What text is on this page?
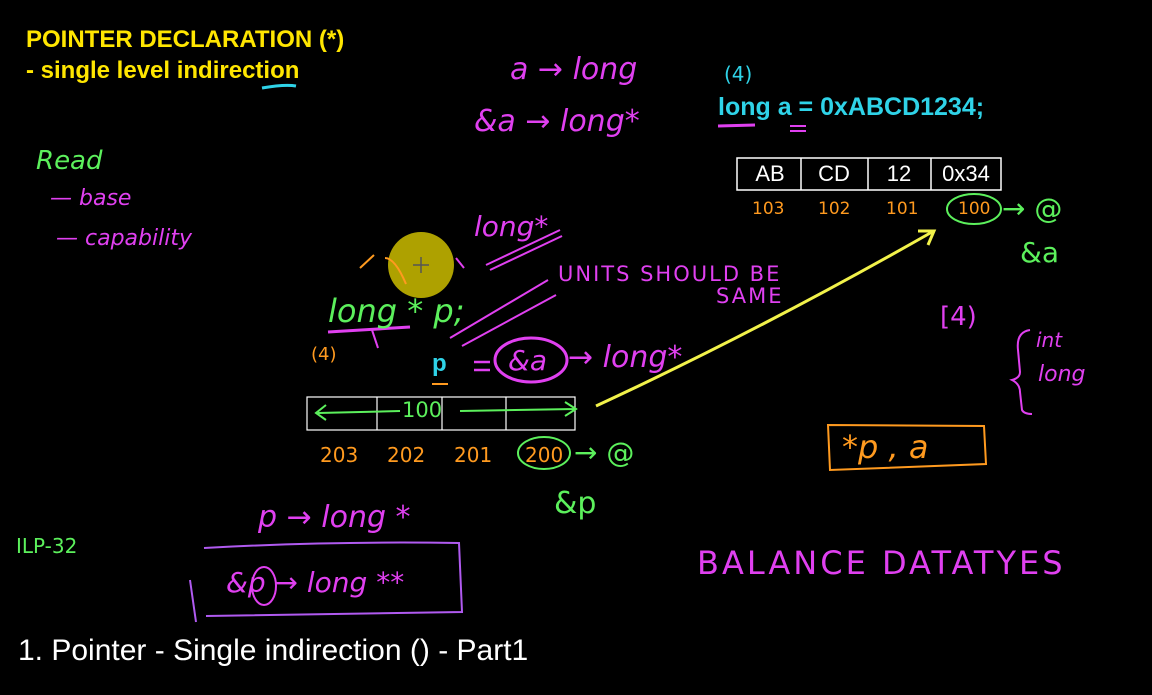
POINTER DECLARATION (*)
- single level indirection
long a = 0xABCD1234;
p
a → long
&a → long*
(4)
long*
UNITS SHOULD BE
SAME
&a → long*
[4)
int
long
p → long *
&p → long **
BALANCE DATATYES
Read
— base
— capability
long * p;
100
→ @
&p
→ @
&a
ILP-32
(4)
*p , a
AB	CD	12	0x34
103 102 101 100
203 202 201 200
1. Pointer - Single indirection () - Part1
